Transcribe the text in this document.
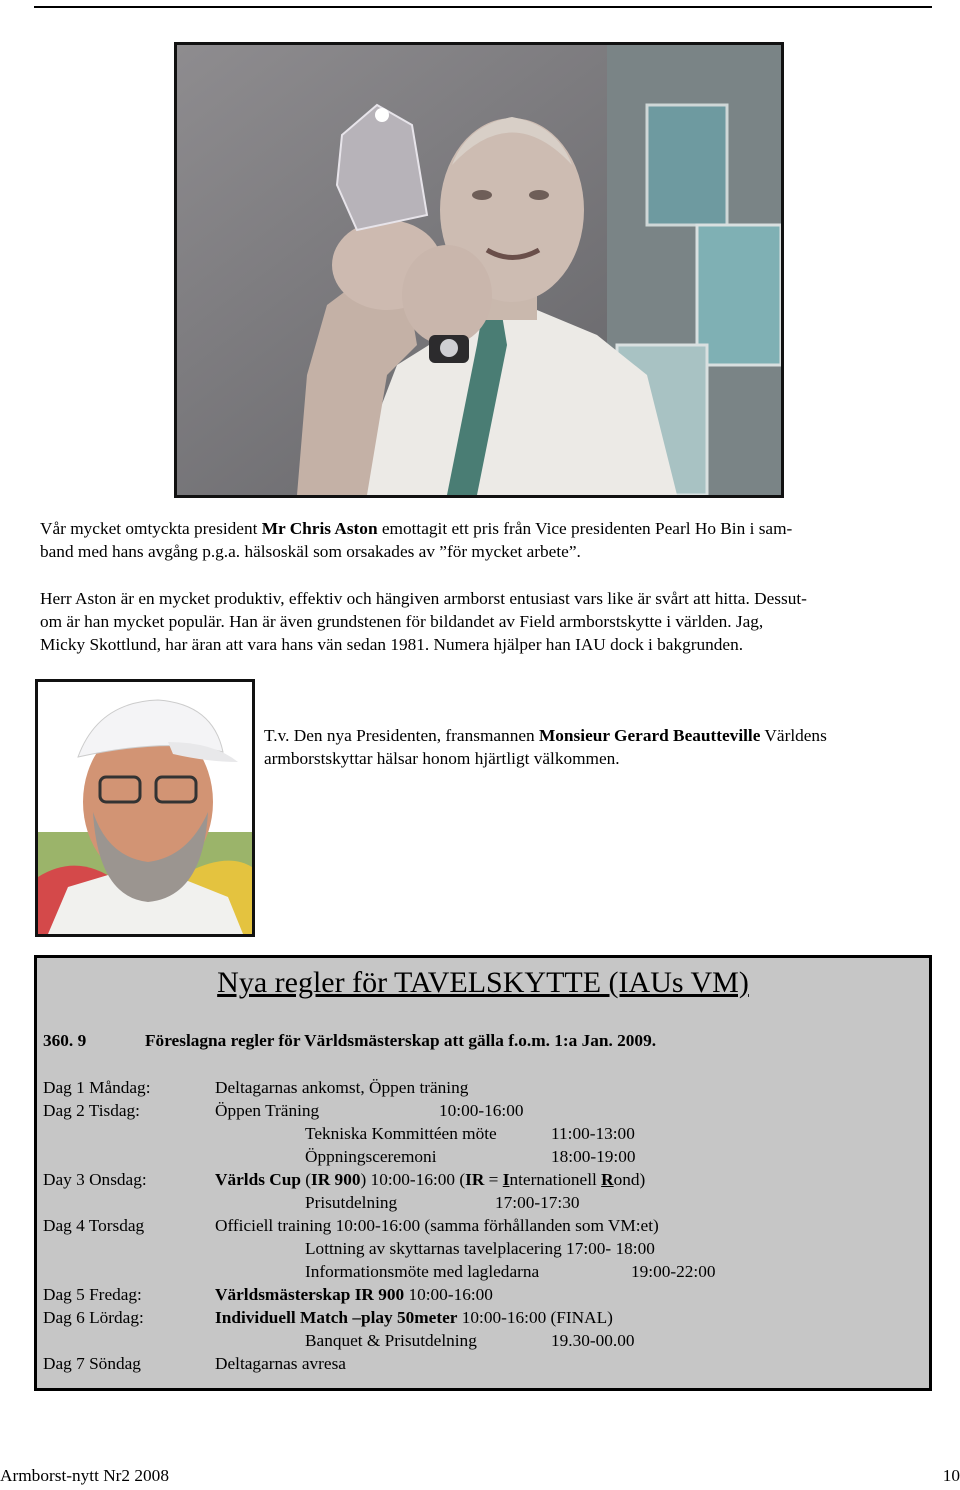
Vår mycket omtyckta president Mr Chris Aston emottagit ett pris från Vice presidenten Pearl Ho Bin i sam-
band med hans avgång p.g.a. hälsoskäl som orsakades av ”för mycket arbete”.
Herr Aston är en mycket produktiv, effektiv och hängiven armborst entusiast vars like är svårt att hitta. Dessut-
om är han mycket populär. Han är även grundstenen för bildandet av Field armborstskytte i världen. Jag,
Micky Skottlund, har äran att vara hans vän sedan 1981. Numera hjälper han IAU dock i bakgrunden.
T.v. Den nya Presidenten, fransmannen Monsieur Gerard Beautteville Världens
armborstskyttar hälsar honom hjärtligt välkommen.
Nya regler för TAVELSKYTTE (IAUs VM)
360. 9	Föreslagna regler för Världsmästerskap att gälla f.o.m. 1:a Jan. 2009.
Dag 1 Måndag:	Deltagarnas ankomst, Öppen träning
Dag 2 Tisdag:	Öppen Träning	10:00-16:00
Tekniska Kommittéen möte	11:00-13:00
Öppningsceremoni	18:00-19:00
Day 3 Onsdag:	Världs Cup (IR 900) 10:00-16:00 (IR = Internationell Rond)
Prisutdelning	17:00-17:30
Dag 4 Torsdag	Officiell training 10:00-16:00 (samma förhållanden som VM:et)
Lottning av skyttarnas tavelplacering 17:00- 18:00
Informationsmöte med lagledarna	19:00-22:00
Dag 5 Fredag:	Världsmästerskap IR 900 10:00-16:00
Dag 6 Lördag:	Individuell Match –play 50meter 10:00-16:00 (FINAL)
Banquet & Prisutdelning	19.30-00.00
Dag 7 Söndag	Deltagarnas avresa
Armborst-nytt Nr2 2008	10
